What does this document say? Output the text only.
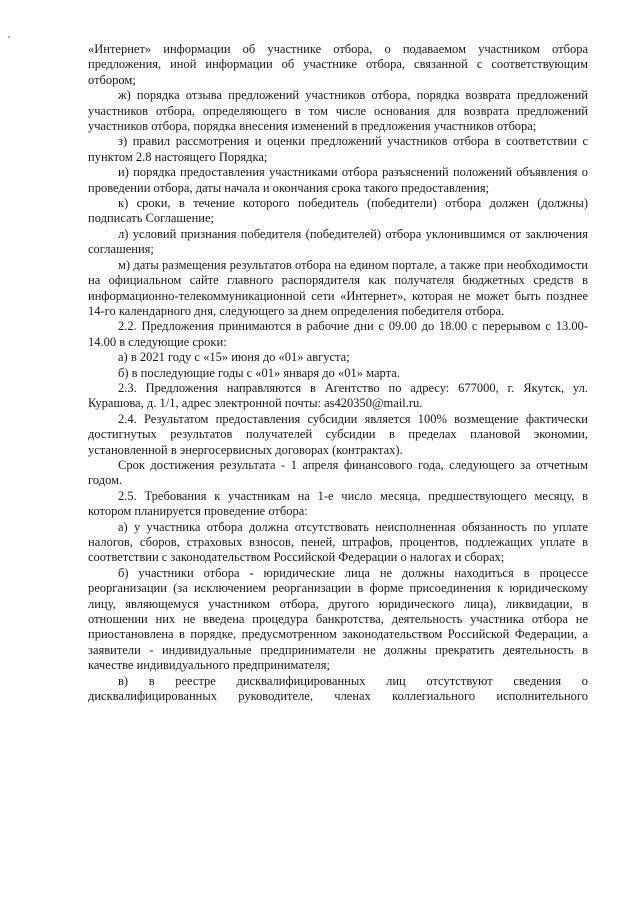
«Интернет» информации об участнике отбора, о подаваемом участником отбора предложения, иной информации об участнике отбора, связанной с соответствующим отбором;

ж) порядка отзыва предложений участников отбора, порядка возврата предложений участников отбора, определяющего в том числе основания для возврата предложений участников отбора, порядка внесения изменений в предложения участников отбора;

з) правил рассмотрения и оценки предложений участников отбора в соответствии с пунктом 2.8 настоящего Порядка;

и) порядка предоставления участниками отбора разъяснений положений объявления о проведении отбора, даты начала и окончания срока такого предоставления;

к) сроки, в течение которого победитель (победители) отбора должен (должны) подписать Соглашение;

л) условий признания победителя (победителей) отбора уклонившимся от заключения соглашения;

м) даты размещения результатов отбора на едином портале, а также при необходимости на официальном сайте главного распорядителя как получателя бюджетных средств в информационно-телекоммуникационной сети «Интернет», которая не может быть позднее 14-го календарного дня, следующего за днем определения победителя отбора.

2.2. Предложения принимаются в рабочие дни с 09.00 до 18.00 с перерывом с 13.00-14.00 в следующие сроки:

а) в 2021 году с «15» июня до «01» августа;

б) в последующие годы с «01» января до «01» марта.

2.3. Предложения направляются в Агентство по адресу: 677000, г. Якутск, ул. Курашова, д. 1/1, адрес электронной почты: as420350@mail.ru.

2.4. Результатом предоставления субсидии является 100% возмещение фактически достигнутых результатов получателей субсидии в пределах плановой экономии, установленной в энергосервисных договорах (контрактах).

Срок достижения результата - 1 апреля финансового года, следующего за отчетным годом.

2.5. Требования к участникам на 1-е число месяца, предшествующего месяцу, в котором планируется проведение отбора:

а) у участника отбора должна отсутствовать неисполненная обязанность по уплате налогов, сборов, страховых взносов, пеней, штрафов, процентов, подлежащих уплате в соответствии с законодательством Российской Федерации о налогах и сборах;

б) участники отбора - юридические лица не должны находиться в процессе реорганизации (за исключением реорганизации в форме присоединения к юридическому лицу, являющемуся участником отбора, другого юридического лица), ликвидации, в отношении них не введена процедура банкротства, деятельность участника отбора не приостановлена в порядке, предусмотренном законодательством Российской Федерации, а заявители - индивидуальные предприниматели не должны прекратить деятельность в качестве индивидуального предпринимателя;

в) в реестре дисквалифицированных лиц отсутствуют сведения о дисквалифицированных руководителе, членах коллегиального исполнительного
